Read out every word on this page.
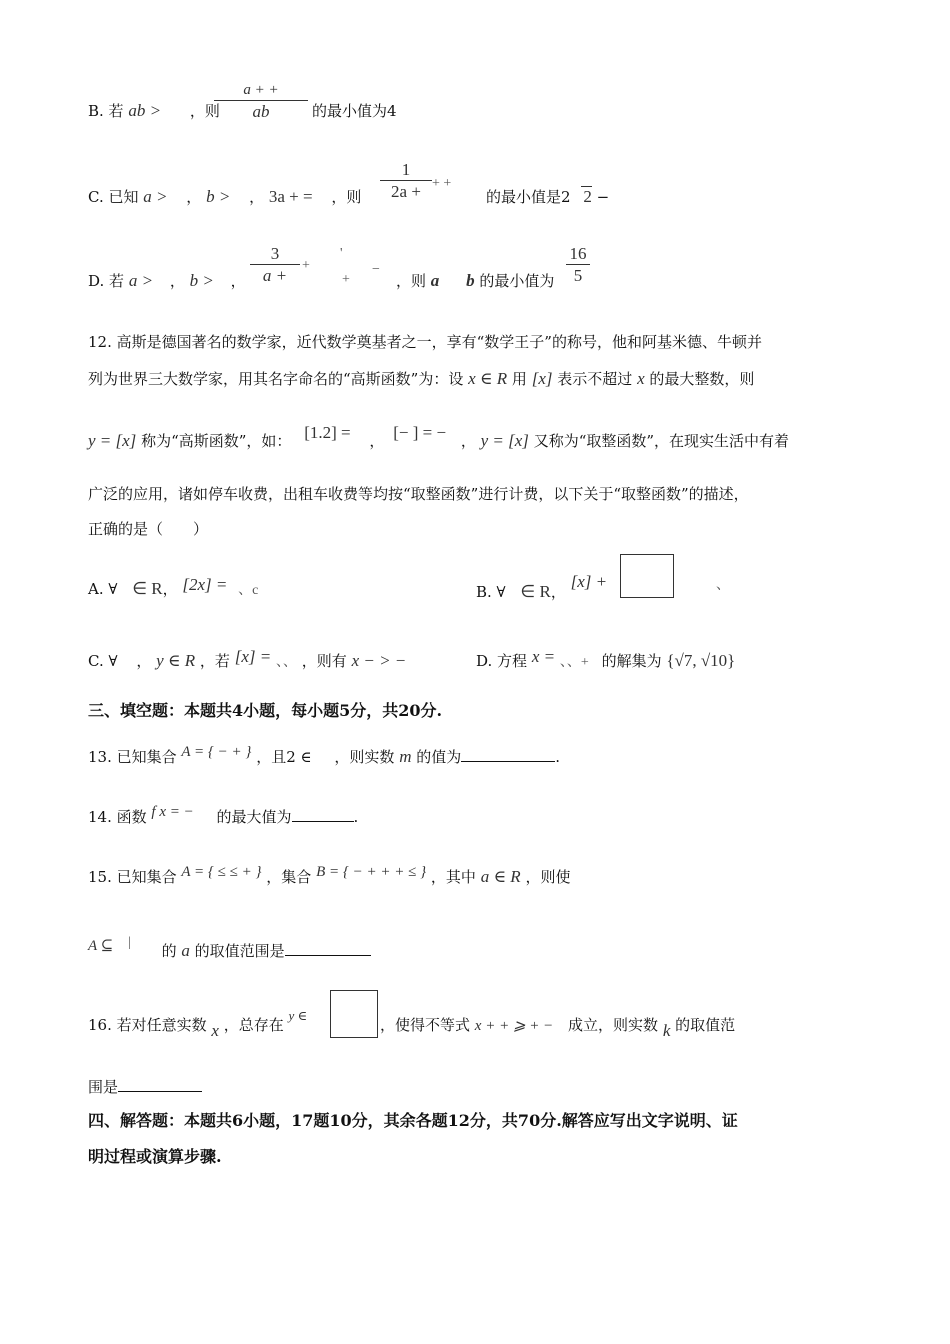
B. 若 ab > ，则
a + +
ab	的最小值为4
C. 已知 a > ， b > ， 3a + = ，则
1
2a + + +
的最小值是2 2 −
D. 若 a > ， b > ，
3
a +
+
'
+
−
，则 a b 的最小值为
16
5
12. 高斯是德国著名的数学家，近代数学奠基者之一，享有“数学王子”的称号，他和阿基米德、牛顿并
列为世界三大数学家，用其名字命名的“高斯函数”为：设 x ∈ R 用 [x] 表示不超过 x 的最大整数，则
y = [x] 称为“高斯函数”，如： [1.2] = ， [− ] = − ， y = [x] 又称为“取整函数”，在现实生活中有着
广泛的应用，诸如停车收费，出租车收费等均按“取整函数”进行计费，以下关于“取整函数”的描述，
正确的是（　　）
A. ∀ ∈ R， [2x] = 、c	B. ∀ ∈ R， [x] +	、
C. ∀ ， y ∈ R ，若 [x] = 、、 ，则有 x − > −	D. 方程 x = 、、+ 的解集为 {√7, √10}
三、填空题：本题共4小题，每小题5分，共20分.
13. 已知集合 A = { − + } ，且2 ∈ ，则实数 m 的值为	.
14. 函数 f x = − 的最大值为	.
15. 已知集合 A = { ≤ ≤ + } ，集合 B = { − + + + ≤ } ，其中 a ∈ R ，则使
A ⊆ | 的 a 的取值范围是
16. 若对任意实数 x ，总存在 y ∈
，使得不等式 x + + ⩾ + − 成立，则实数 k 的取值范
围是
四、解答题：本题共6小题，17题10分，其余各题12分，共70分.解答应写出文字说明、证
明过程或演算步骤.
